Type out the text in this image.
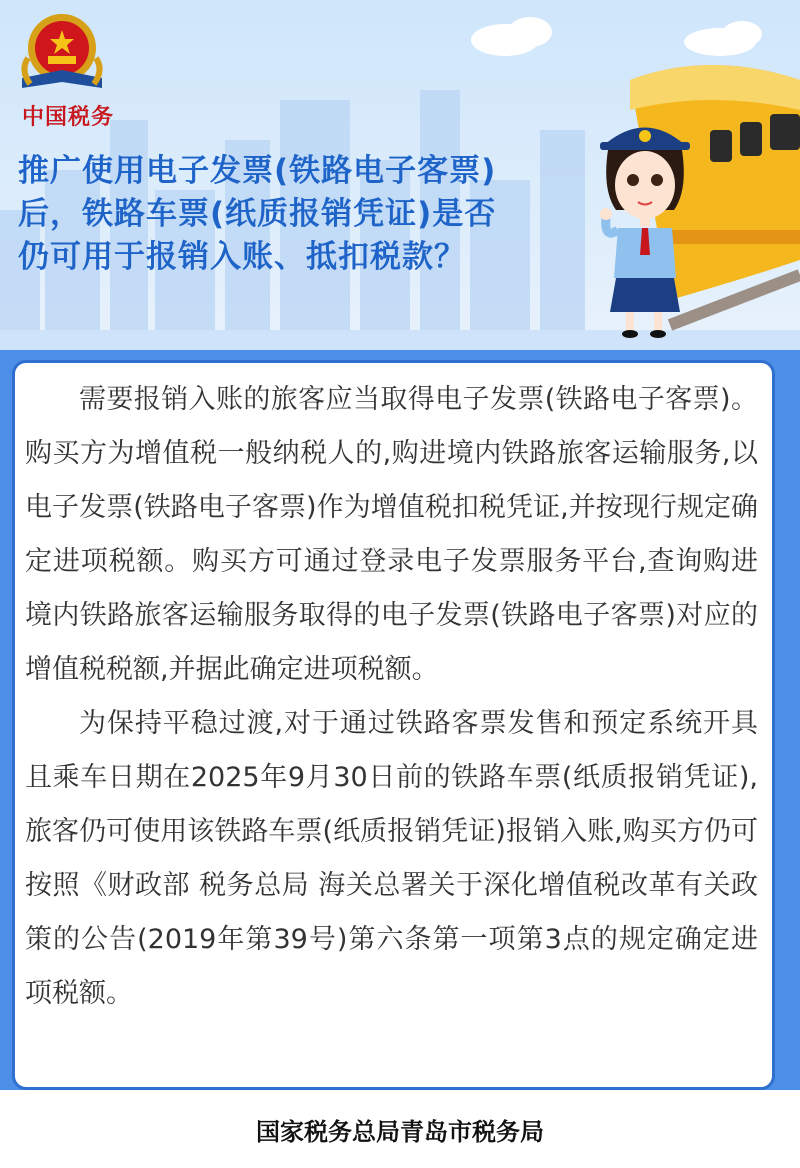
中国税务
推广使用电子发票(铁路电子客票)
后，铁路车票(纸质报销凭证)是否
仍可用于报销入账、抵扣税款？

需要报销入账的旅客应当取得电子发票(铁路电子客票)。购买方为增值税一般纳税人的,购进境内铁路旅客运输服务,以电子发票(铁路电子客票)作为增值税扣税凭证,并按现行规定确定进项税额。购买方可通过登录电子发票服务平台,查询购进境内铁路旅客运输服务取得的电子发票(铁路电子客票)对应的增值税税额,并据此确定进项税额。

为保持平稳过渡,对于通过铁路客票发售和预定系统开具且乘车日期在2025年9月30日前的铁路车票(纸质报销凭证),旅客仍可使用该铁路车票(纸质报销凭证)报销入账,购买方仍可按照《财政部 税务总局 海关总署关于深化增值税改革有关政策的公告(2019年第39号)第六条第一项第3点的规定确定进项税额。

国家税务总局青岛市税务局
